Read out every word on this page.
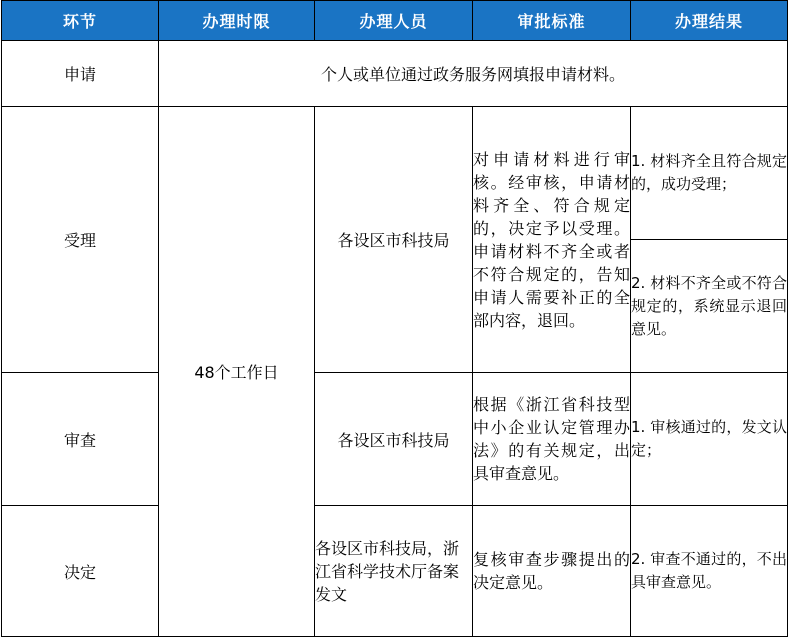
环节	办理时限	办理人员	审批标准	办理结果
申请	个人或单位通过政务服务网填报申请材料。			
受理	48个工作日	各设区市科技局	对申请材料进行审核。经审核，申请材料齐全、符合规定的，决定予以受理。申请材料不齐全或者不符合规定的，告知申请人需要补正的全部内容，退回。	1. 材料齐全且符合规定的，成功受理；
				2. 材料不齐全或不符合规定的，系统显示退回意见。
审查		各设区市科技局	根据《浙江省科技型中小企业认定管理办法》的有关规定，出具审查意见。	1. 审核通过的，发文认定；
决定		各设区市科技局，浙江省科学技术厅备案发文	复核审查步骤提出的决定意见。	2. 审查不通过的，不出具审查意见。
